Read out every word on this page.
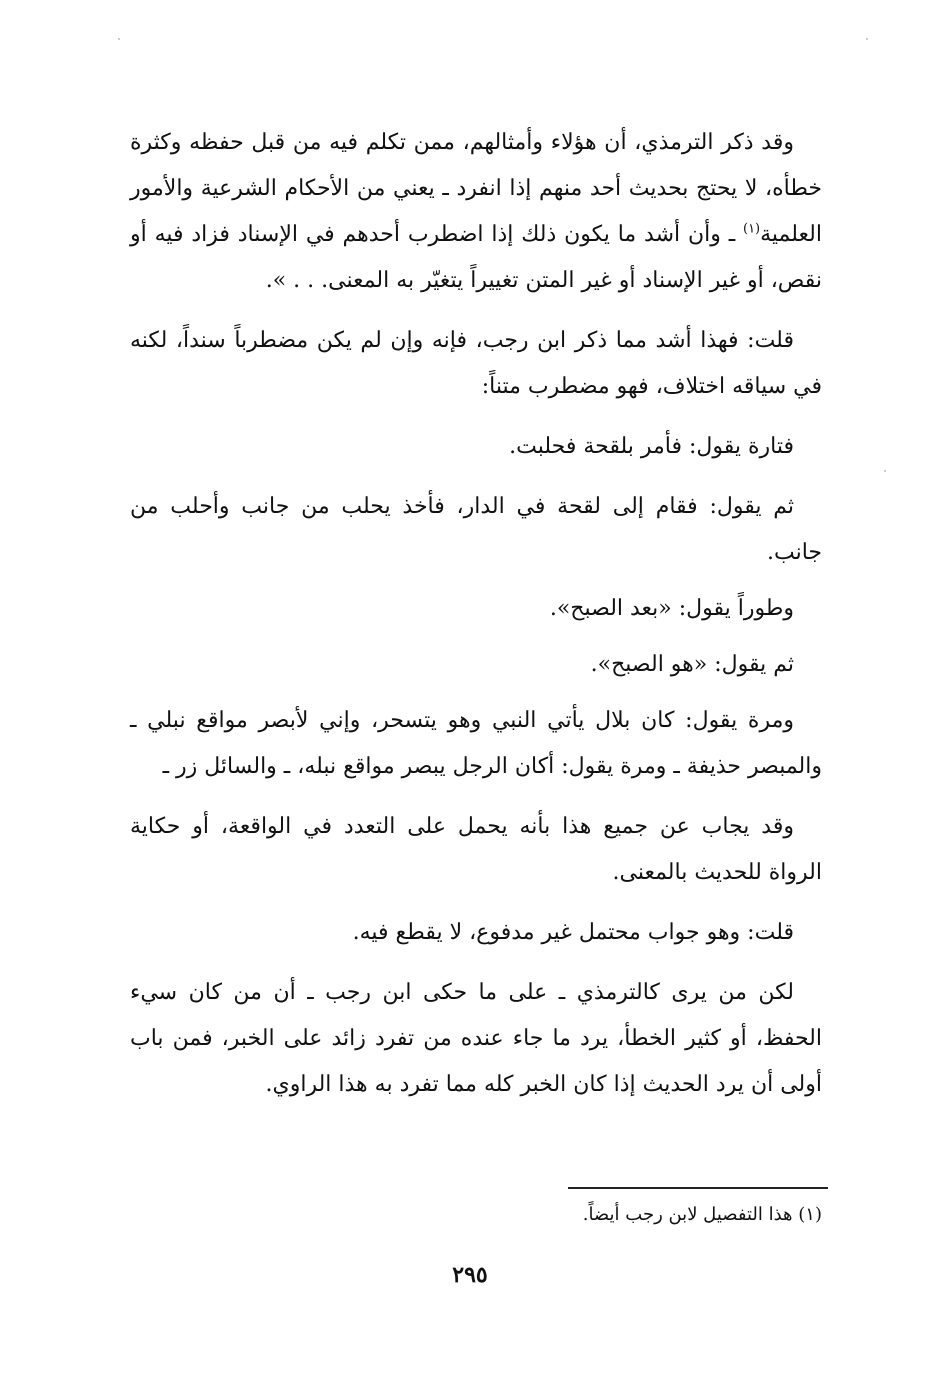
وقد ذكر الترمذي، أن هؤلاء وأمثالهم، ممن تكلم فيه من قبل حفظه وكثرة خطأه، لا يحتج بحديث أحد منهم إذا انفرد ـ يعني من الأحكام الشرعية والأمور العلمية$^{(١)}$ ـ وأن أشد ما يكون ذلك إذا اضطرب أحدهم في الإسناد فزاد فيه أو نقص، أو غير الإسناد أو غير المتن تغييراً يتغيّر به المعنى. . . ».

قلت: فهذا أشد مما ذكر ابن رجب، فإنه وإن لم يكن مضطرباً سنداً، لكنه في سياقه اختلاف، فهو مضطرب متناً:

فتارة يقول: فأمر بلقحة فحلبت.

ثم يقول: فقام إلى لقحة في الدار، فأخذ يحلب من جانب وأحلب من جانب.

وطوراً يقول: «بعد الصبح».

ثم يقول: «هو الصبح».

ومرة يقول: كان بلال يأتي النبي وهو يتسحر، وإني لأبصر مواقع نبلي ـ والمبصر حذيفة ـ ومرة يقول: أكان الرجل يبصر مواقع نبله، ـ والسائل زر ـ

وقد يجاب عن جميع هذا بأنه يحمل على التعدد في الواقعة، أو حكاية الرواة للحديث بالمعنى.

قلت: وهو جواب محتمل غير مدفوع، لا يقطع فيه.

لكن من يرى كالترمذي ـ على ما حكى ابن رجب ـ أن من كان سيء الحفظ، أو كثير الخطأ، يرد ما جاء عنده من تفرد زائد على الخبر، فمن باب أولى أن يرد الحديث إذا كان الخبر كله مما تفرد به هذا الراوي.

(١) هذا التفصيل لابن رجب أيضاً.
٢٩٥
